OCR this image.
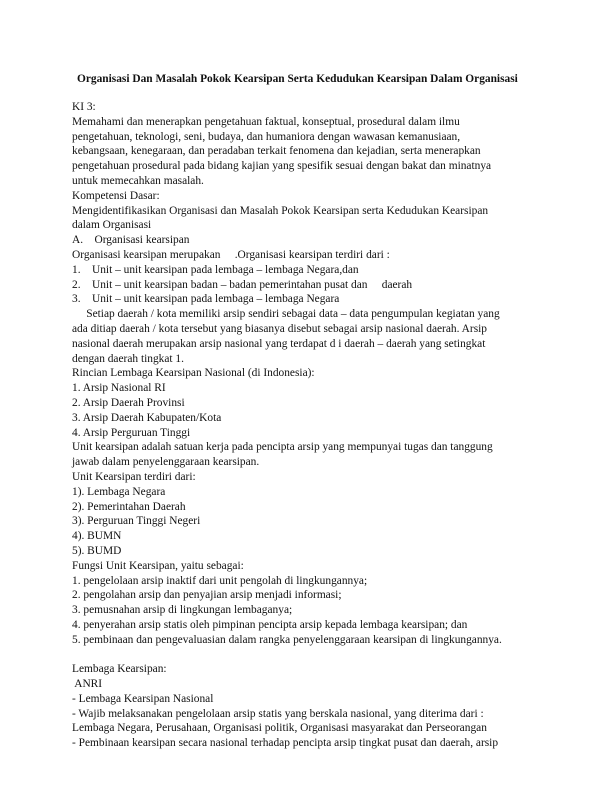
Organisasi Dan Masalah Pokok Kearsipan Serta Kedudukan Kearsipan Dalam Organisasi
KI 3:
Memahami dan menerapkan pengetahuan faktual, konseptual, prosedural dalam ilmu
pengetahuan, teknologi, seni, budaya, dan humaniora dengan wawasan kemanusiaan,
kebangsaan, kenegaraan, dan peradaban terkait fenomena dan kejadian, serta menerapkan
pengetahuan prosedural pada bidang kajian yang spesifik sesuai dengan bakat dan minatnya
untuk memecahkan masalah.
Kompetensi Dasar:
Mengidentifikasikan Organisasi dan Masalah Pokok Kearsipan serta Kedudukan Kearsipan
dalam Organisasi
A.    Organisasi kearsipan
Organisasi kearsipan merupakan     .Organisasi kearsipan terdiri dari :
1. Unit – unit kearsipan pada lembaga – lembaga Negara,dan
2. Unit – unit kearsipan badan – badan pemerintahan pusat dan     daerah
3. Unit – unit kearsipan pada lembaga – lembaga Negara
Setiap daerah / kota memiliki arsip sendiri sebagai data – data pengumpulan kegiatan yang
ada ditiap daerah / kota tersebut yang biasanya disebut sebagai arsip nasional daerah. Arsip
nasional daerah merupakan arsip nasional yang terdapat d i daerah – daerah yang setingkat
dengan daerah tingkat 1.
Rincian Lembaga Kearsipan Nasional (di Indonesia):
1. Arsip Nasional RI
2. Arsip Daerah Provinsi
3. Arsip Daerah Kabupaten/Kota
4. Arsip Perguruan Tinggi
Unit kearsipan adalah satuan kerja pada pencipta arsip yang mempunyai tugas dan tanggung
jawab dalam penyelenggaraan kearsipan.
Unit Kearsipan terdiri dari:
1). Lembaga Negara
2). Pemerintahan Daerah
3). Perguruan Tinggi Negeri
4). BUMN
5). BUMD
Fungsi Unit Kearsipan, yaitu sebagai:
1. pengelolaan arsip inaktif dari unit pengolah di lingkungannya;
2. pengolahan arsip dan penyajian arsip menjadi informasi;
3. pemusnahan arsip di lingkungan lembaganya;
4. penyerahan arsip statis oleh pimpinan pencipta arsip kepada lembaga kearsipan; dan
5. pembinaan dan pengevaluasian dalam rangka penyelenggaraan kearsipan di lingkungannya.
Lembaga Kearsipan:
ANRI
- Lembaga Kearsipan Nasional
- Wajib melaksanakan pengelolaan arsip statis yang berskala nasional, yang diterima dari :
Lembaga Negara, Perusahaan, Organisasi politik, Organisasi masyarakat dan Perseorangan
- Pembinaan kearsipan secara nasional terhadap pencipta arsip tingkat pusat dan daerah, arsip
